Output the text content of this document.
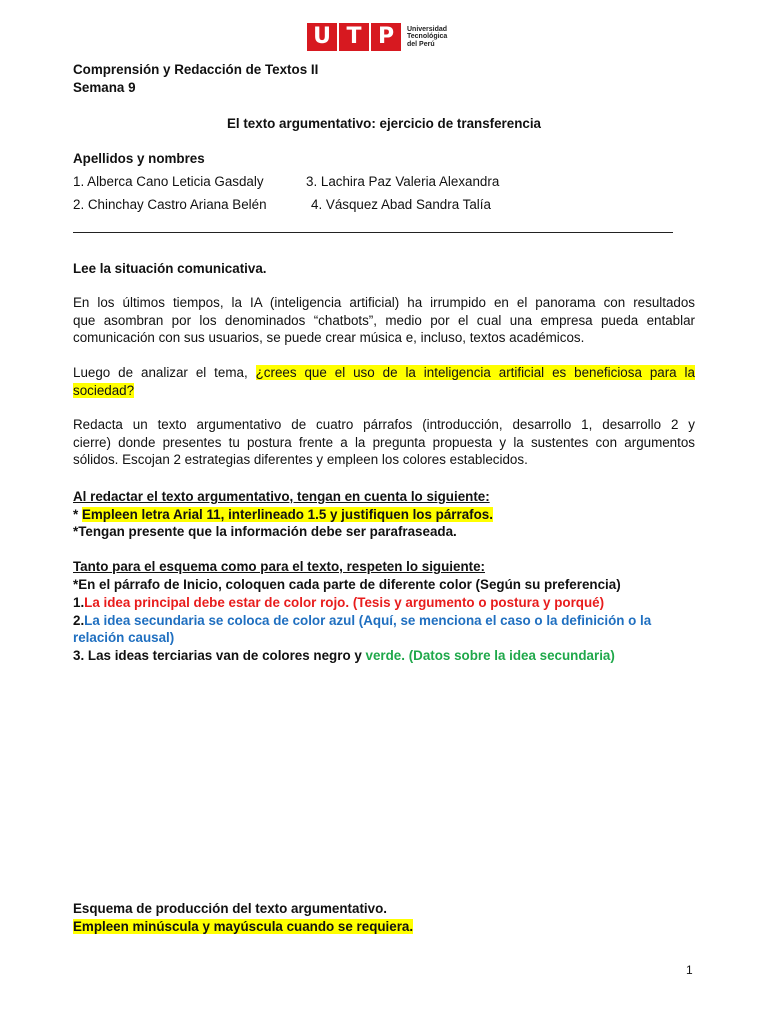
U T P	Universidad
Tecnológica
del Perú
Comprensión y Redacción de Textos II
Semana 9
El texto argumentativo: ejercicio de transferencia
Apellidos y nombres
1. Alberca Cano Leticia Gasdaly	3. Lachira Paz Valeria Alexandra
2. Chinchay Castro Ariana Belén	4. Vásquez Abad Sandra Talía
Lee la situación comunicativa.
En los últimos tiempos, la IA (inteligencia artificial) ha irrumpido en el panorama con resultados
que asombran por los denominados “chatbots”, medio por el cual una empresa pueda entablar
comunicación con sus usuarios, se puede crear música e, incluso, textos académicos.
Luego de analizar el tema, ¿crees que el uso de la inteligencia artificial es beneficiosa para la
sociedad?
Redacta un texto argumentativo de cuatro párrafos (introducción, desarrollo 1, desarrollo 2 y
cierre) donde presentes tu postura frente a la pregunta propuesta y la sustentes con argumentos
sólidos. Escojan 2 estrategias diferentes y empleen los colores establecidos.
Al redactar el texto argumentativo, tengan en cuenta lo siguiente:
* Empleen letra Arial 11, interlineado 1.5 y justifiquen los párrafos.
*Tengan presente que la información debe ser parafraseada.
Tanto para el esquema como para el texto, respeten lo siguiente:
*En el párrafo de Inicio, coloquen cada parte de diferente color (Según su preferencia)
1.La idea principal debe estar de color rojo. (Tesis y argumento o postura y porqué)
2.La idea secundaria se coloca de color azul (Aquí, se menciona el caso o la definición o la
relación causal)
3. Las ideas terciarias van de colores negro y verde. (Datos sobre la idea secundaria)
Esquema de producción del texto argumentativo.
Empleen minúscula y mayúscula cuando se requiera.
1
